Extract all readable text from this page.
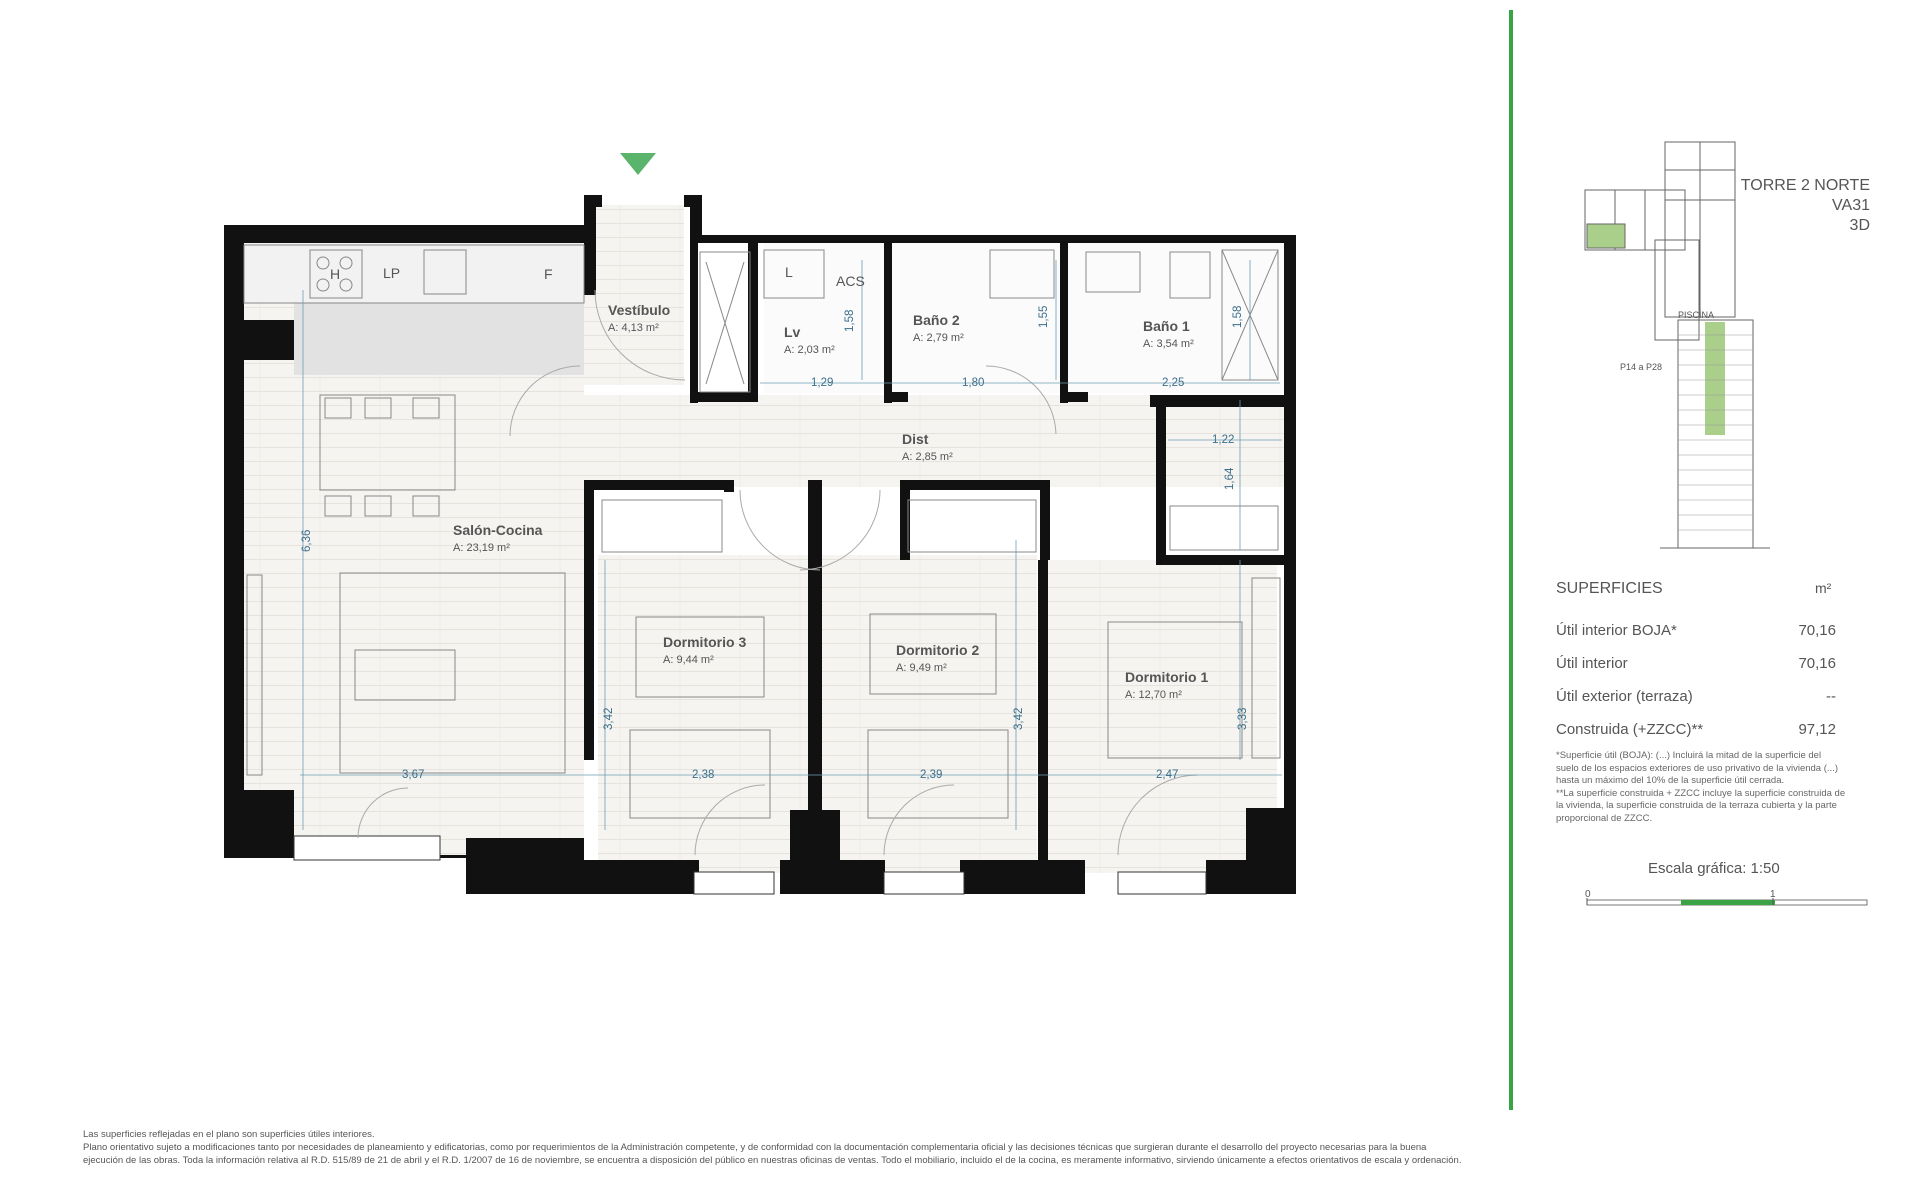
Vestíbulo
A: 4,13 m²	Lv
A: 2,03 m²
Baño 2
A: 2,79 m²
Baño 1
A: 3,54 m²
Dist
A: 2,85 m²
Salón-Cocina
A: 23,19 m²
Dormitorio 3
A: 9,44 m²
Dormitorio 2
A: 9,49 m²
Dormitorio 1
A: 12,70 m²
H	LP	F	L
ACS
1,29	1,80	2,25
1,58	1,55	1,58
1,22
1,64
6,36
3,67	2,38	2,39	2,47
3,42	3,42	3,33
PISCINA
P14 a P28
TORRE 2 NORTE
VA31
3D
SUPERFICIES	m²
Útil interior BOJA*	70,16
Útil interior	70,16
Útil exterior (terraza)	--
Construida (+ZZCC)**	97,12
*Superficie útil (BOJA): (...) Incluirá la mitad de la superficie del suelo de los espacios exteriores de uso privativo de la vivienda (...) hasta un máximo del 10% de la superficie útil cerrada.
**La superficie construida + ZZCC incluye la superficie construida de la vivienda, la superficie construida de la terraza cubierta y la parte proporcional de ZZCC.
Escala gráfica: 1:50
0	1
Las superficies reflejadas en el plano son superficies útiles interiores.
Plano orientativo sujeto a modificaciones tanto por necesidades de planeamiento y edificatorias, como por requerimientos de la Administración competente, y de conformidad con la documentación complementaria oficial y las decisiones técnicas que surgieran durante el desarrollo del proyecto necesarias para la buena ejecución de las obras. Toda la información relativa al R.D. 515/89 de 21 de abril y el R.D. 1/2007 de 16 de noviembre, se encuentra a disposición del público en nuestras oficinas de ventas. Todo el mobiliario, incluido el de la cocina, es meramente informativo, sirviendo únicamente a efectos orientativos de escala y ordenación.
